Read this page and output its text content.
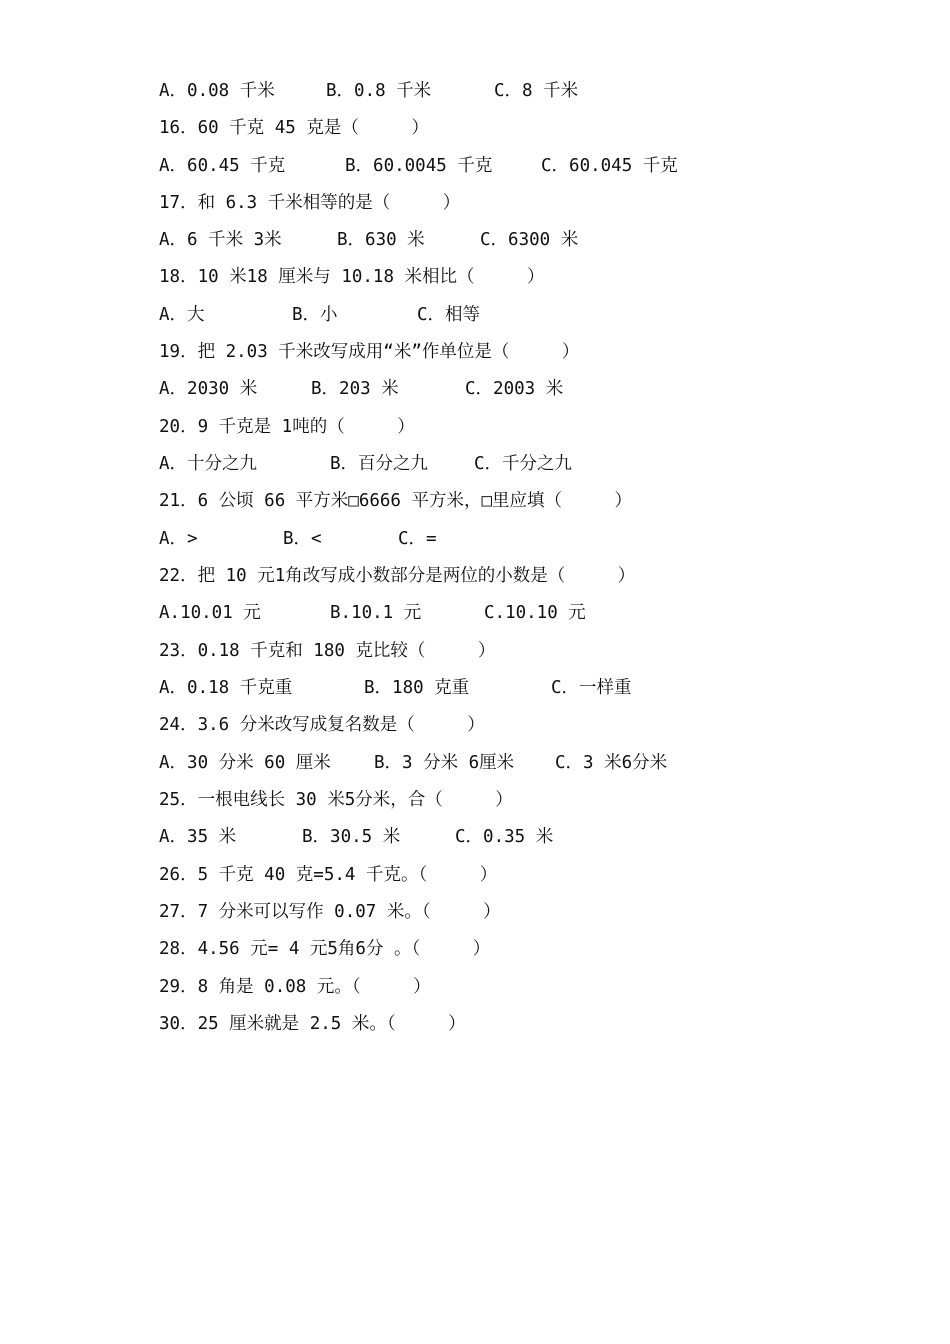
A．0.08 千米

	B．0.8 千米

	C．8 千米

16．60 千克 45 克是（　　　）

A．60.45 千克

	B．60.0045 千克

	C．60.045 千克

17．和 6.3 千米相等的是（　　　）

A．6 千米 3米

	B．630 米

	C．6300 米

18．10 米18 厘米与 10.18 米相比（　　　）

A．大

	B．小

	C．相等

19．把 2.03 千米改写成用“米”作单位是（　　　）

A．2030 米

	B．203 米

	C．2003 米

20．9 千克是 1吨的（　　　）

A．十分之九

	B．百分之九

	C．千分之九

21．6 公顷 66 平方米□6666 平方米，□里应填（　　　）

A．>

	B．<

	C．=

22．把 10 元1角改写成小数部分是两位的小数是（　　　）

A.10.01 元

	B.10.1 元

	C.10.10 元

23．0.18 千克和 180 克比较（　　　）

A．0.18 千克重

	B．180 克重

	C．一样重

24．3.6 分米改写成复名数是（　　　）

A．30 分米 60 厘米

B．3 分米 6厘米

C．3 米6分米

25．一根电线长 30 米5分米，合（　　　）

A．35 米

	B．30.5 米

	C．0.35 米

26．5 千克 40 克=5.4 千克。（　　　）
27．7 分米可以写作 0.07 米。（　　　）
28．4.56 元= 4 元5角6分 。（　　　）
29．8 角是 0.08 元。（　　　）
30．25 厘米就是 2.5 米。（　　　）
